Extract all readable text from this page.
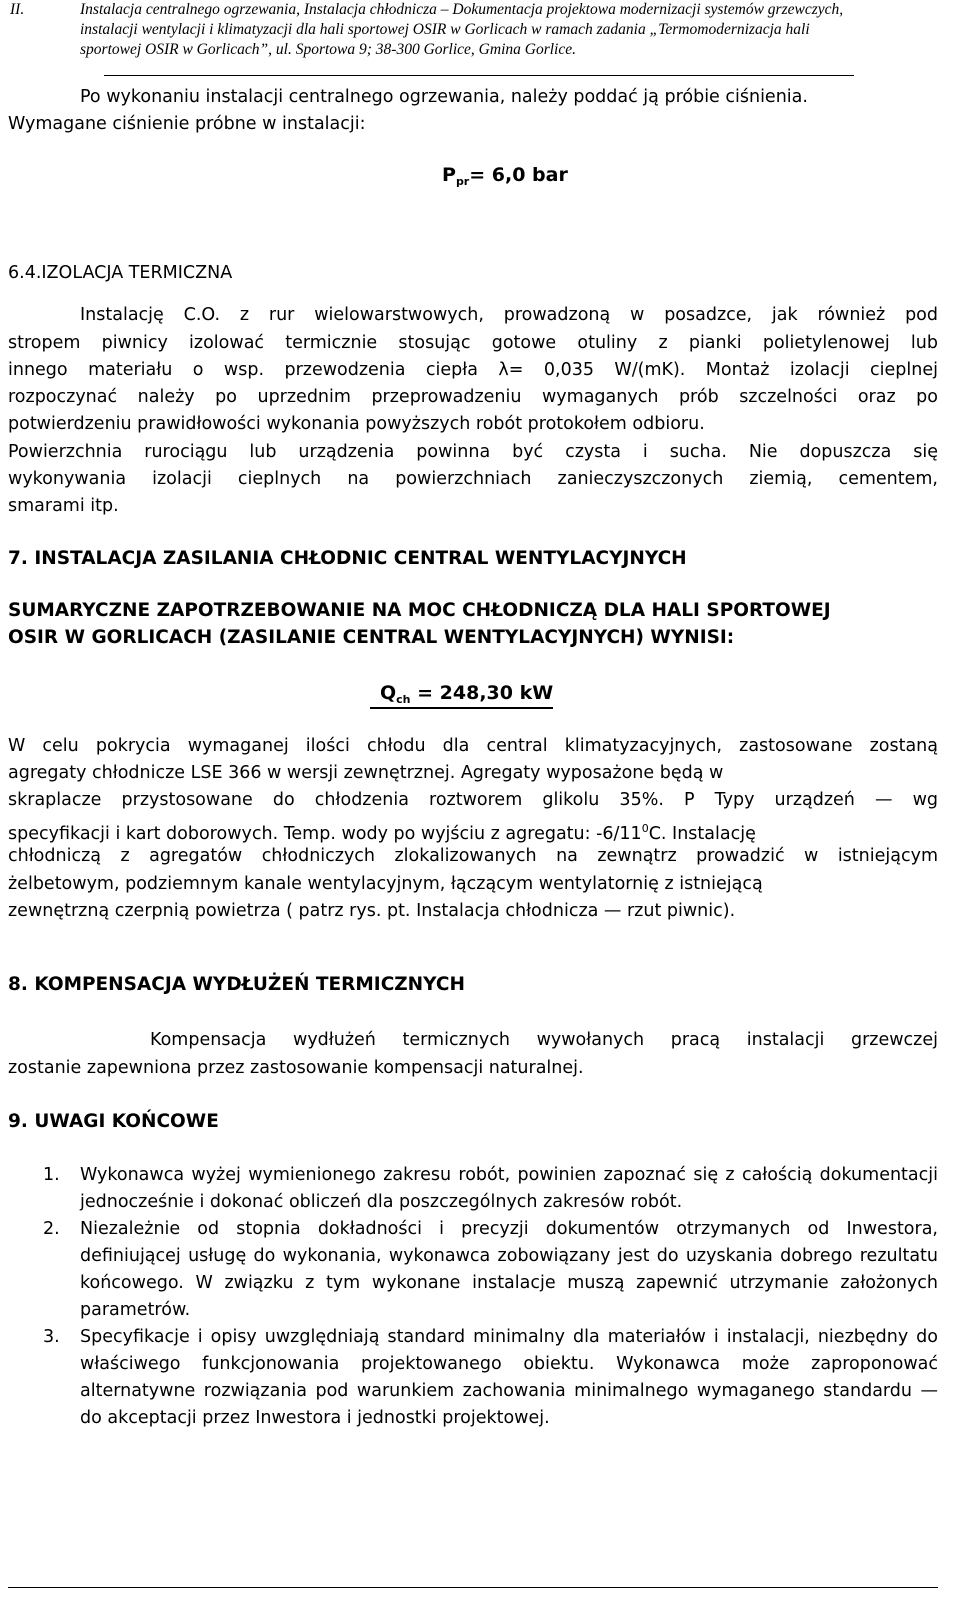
II.	Instalacja centralnego ogrzewania, Instalacja chłodnicza – Dokumentacja projektowa modernizacji systemów grzewczych,
instalacji wentylacji i klimatyzacji dla hali sportowej OSIR w Gorlicach w ramach zadania „Termomodernizacja hali
sportowej OSIR w Gorlicach”, ul. Sportowa 9; 38-300 Gorlice, Gmina Gorlice.
Po wykonaniu instalacji centralnego ogrzewania, należy poddać ją próbie ciśnienia.
Wymagane ciśnienie próbne w instalacji:
$P_{pr}= 6,0$ bar
6.4.IZOLACJA TERMICZNA
Instalację C.O. z rur wielowarstwowych, prowadzoną w posadzce, jak również pod
stropem piwnicy izolować termicznie stosując gotowe otuliny z pianki polietylenowej lub
innego materiału o wsp. przewodzenia ciepła λ= 0,035 W/(mK). Montaż izolacji cieplnej
rozpoczynać należy po uprzednim przeprowadzeniu wymaganych prób szczelności oraz po
potwierdzeniu prawidłowości wykonania powyższych robót protokołem odbioru.
Powierzchnia rurociągu lub urządzenia powinna być czysta i sucha. Nie dopuszcza się
wykonywania izolacji cieplnych na powierzchniach zanieczyszczonych ziemią, cementem,
smarami itp.
7. INSTALACJA ZASILANIA CHŁODNIC CENTRAL WENTYLACYJNYCH
SUMARYCZNE ZAPOTRZEBOWANIE NA MOC CHŁODNICZĄ DLA HALI SPORTOWEJ
OSIR W GORLICACH (ZASILANIE CENTRAL WENTYLACYJNYCH) WYNISI:
$Q_{ch} = 248,30$ kW
W celu pokrycia wymaganej ilości chłodu dla central klimatyzacyjnych, zastosowane zostaną
agregaty chłodnicze LSE 366 w wersji zewnętrznej. Agregaty wyposażone będą w
skraplacze przystosowane do chłodzenia roztworem glikolu 35%. P Typy urządzeń — wg
specyfikacji i kart doborowych. Temp. wody po wyjściu z agregatu: $-6/11^0C$. Instalację
chłodniczą z agregatów chłodniczych zlokalizowanych na zewnątrz prowadzić w istniejącym
żelbetowym, podziemnym kanale wentylacyjnym, łączącym wentylatornię z istniejącą
zewnętrzną czerpnią powietrza ( patrz rys. pt. Instalacja chłodnicza — rzut piwnic).
8. KOMPENSACJA WYDŁUŻEŃ TERMICZNYCH
Kompensacja wydłużeń termicznych wywołanych pracą instalacji grzewczej
zostanie zapewniona przez zastosowanie kompensacji naturalnej.
9. UWAGI KOŃCOWE
1. Wykonawca wyżej wymienionego zakresu robót, powinien zapoznać się z całością dokumentacji jednocześnie i dokonać obliczeń dla poszczególnych zakresów robót.
2. Niezależnie od stopnia dokładności i precyzji dokumentów otrzymanych od Inwestora, definiującej usługę do wykonania, wykonawca zobowiązany jest do uzyskania dobrego rezultatu końcowego. W związku z tym wykonane instalacje muszą zapewnić utrzymanie założonych parametrów.
3. Specyfikacje i opisy uwzględniają standard minimalny dla materiałów i instalacji, niezbędny do właściwego funkcjonowania projektowanego obiektu. Wykonawca może zaproponować alternatywne rozwiązania pod warunkiem zachowania minimalnego wymaganego standardu — do akceptacji przez Inwestora i jednostki projektowej.
